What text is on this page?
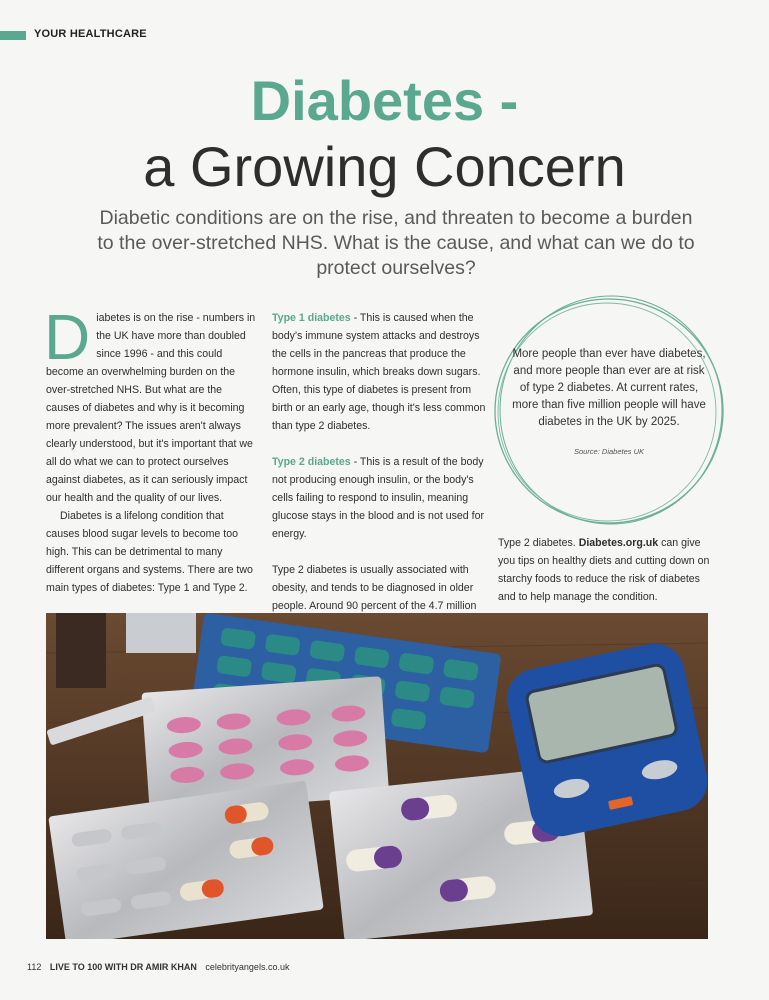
YOUR HEALTHCARE
Diabetes -
a Growing Concern
Diabetic conditions are on the rise, and threaten to become a burden to the over-stretched NHS. What is the cause, and what can we do to protect ourselves?

Diabetes is on the rise - numbers in the UK have more than doubled since 1996 - and this could become an overwhelming burden on the over-stretched NHS. But what are the causes of diabetes and why is it becoming more prevalent? The issues aren't always clearly understood, but it's important that we all do what we can to protect ourselves against diabetes, as it can seriously impact our health and the quality of our lives.

Diabetes is a lifelong condition that causes blood sugar levels to become too high. This can be detrimental to many different organs and systems. There are two main types of diabetes: Type 1 and Type 2.

Type 1 diabetes - This is caused when the body's immune system attacks and destroys the cells in the pancreas that produce the hormone insulin, which breaks down sugars. Often, this type of diabetes is present from birth or an early age, though it's less common than type 2 diabetes.

Type 2 diabetes - This is a result of the body not producing enough insulin, or the body's cells failing to respond to insulin, meaning glucose stays in the blood and is not used for energy.

Type 2 diabetes is usually associated with obesity, and tends to be diagnosed in older people. Around 90 percent of the 4.7 million

Type 2 diabetes. Diabetes.org.uk can give you tips on healthy diets and cutting down on starchy foods to reduce the risk of diabetes and to help manage the condition.

More people than ever have diabetes, and more people than ever are at risk of type 2 diabetes. At current rates, more than five million people will have diabetes in the UK by 2025.
Source: Diabetes UK
112 LIVE TO 100 WITH DR AMIR KHAN celebrityangels.co.uk
